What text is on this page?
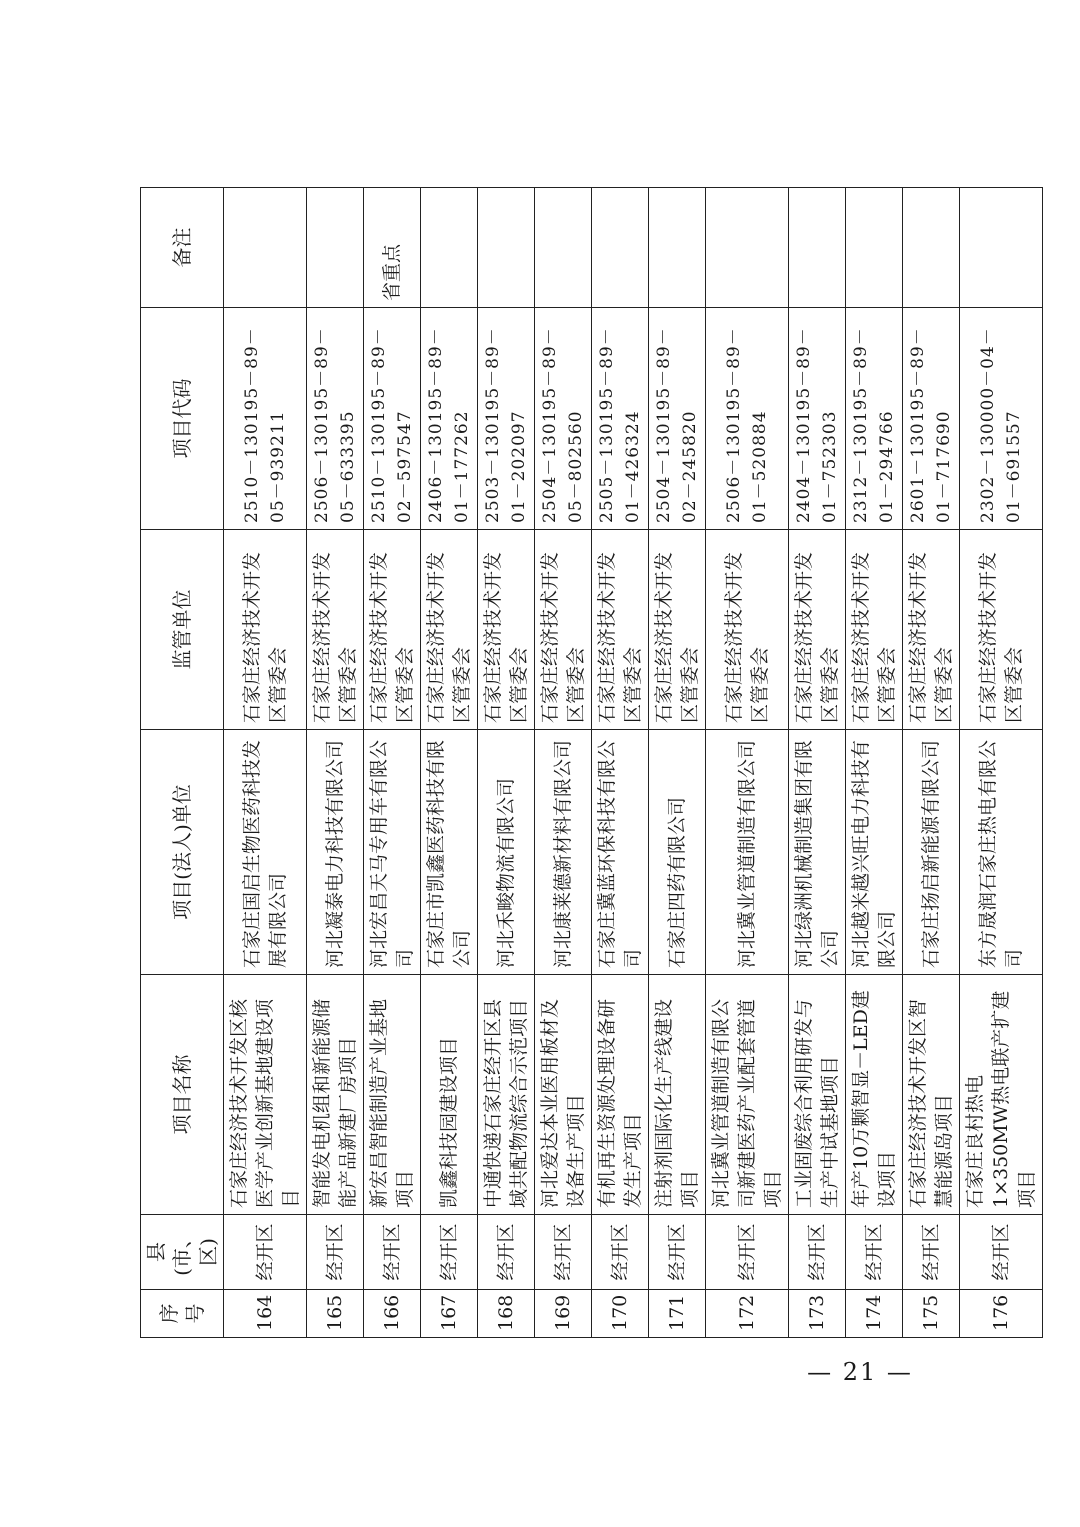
序号	县(市、区)	项目名称	项目(法人)单位	监管单位	项目代码	备注
164	经开区	石家庄经济技术开发区核医学产业创新基地建设项目	石家庄国启生物医药科技发展有限公司	石家庄经济技术开发区管委会	2510－130195－89－05－939211	
165	经开区	智能发电机组和新能源储能产品新建厂房项目	河北凝泰电力科技有限公司	石家庄经济技术开发区管委会	2506－130195－89－05－633395	
166	经开区	新宏昌智能制造产业基地项目	河北宏昌天马专用车有限公司	石家庄经济技术开发区管委会	2510－130195－89－02－597547	省重点
167	经开区	凯鑫科技园建设项目	石家庄市凯鑫医药科技有限公司	石家庄经济技术开发区管委会	2406－130195－89－01－177262	
168	经开区	中通快递石家庄经开区县域共配物流综合示范项目	河北禾畯物流有限公司	石家庄经济技术开发区管委会	2503－130195－89－01－202097	
169	经开区	河北爱达本业医用板材及设备生产项目	河北康莱德新材料有限公司	石家庄经济技术开发区管委会	2504－130195－89－05－802560	
170	经开区	有机再生资源处理设备研发生产项目	石家庄冀蓝环保科技有限公司	石家庄经济技术开发区管委会	2505－130195－89－01－426324	
171	经开区	注射剂国际化生产线建设项目	石家庄四药有限公司	石家庄经济技术开发区管委会	2504－130195－89－02－245820	
172	经开区	河北冀业管道制造有限公司新建医药产业配套管道项目	河北冀业管道制造有限公司	石家庄经济技术开发区管委会	2506－130195－89－01－520884	
173	经开区	工业固废综合利用研发与生产中试基地项目	河北绿洲机械制造集团有限公司	石家庄经济技术开发区管委会	2404－130195－89－01－752303	
174	经开区	年产10万颗智显－LED建设项目	河北越米越兴旺电力科技有限公司	石家庄经济技术开发区管委会	2312－130195－89－01－294766	
175	经开区	石家庄经济技术开发区智慧能源岛项目	石家庄扬启新能源有限公司	石家庄经济技术开发区管委会	2601－130195－89－01－717690	
176	经开区	石家庄良村热电1×350MW热电联产扩建项目	东方晟润石家庄热电有限公司	石家庄经济技术开发区管委会	2302－130000－04－01－691557	
— 21 —
